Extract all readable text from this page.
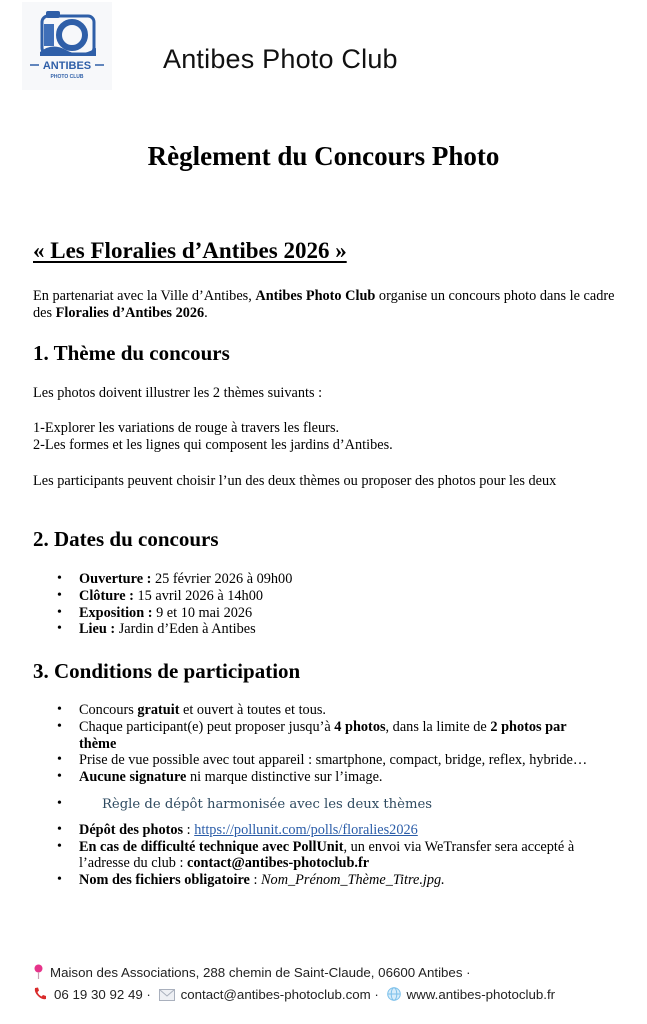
ANTIBES
PHOTO CLUB
Antibes Photo Club
Règlement du Concours Photo
« Les Floralies d’Antibes 2026 »
En partenariat avec la Ville d’Antibes, Antibes Photo Club organise un concours photo dans le cadre des Floralies d’Antibes 2026.
1. Thème du concours
Les photos doivent illustrer les 2 thèmes suivants :
1-Explorer les variations de rouge à travers les fleurs.
2-Les formes et les lignes qui composent les jardins d’Antibes.
Les participants peuvent choisir l’un des deux thèmes ou proposer des photos pour les deux
2. Dates du concours
• Ouverture : 25 février 2026 à 09h00
• Clôture : 15 avril 2026 à 14h00
• Exposition : 9 et 10 mai 2026
• Lieu : Jardin d’Eden à Antibes
3. Conditions de participation
• Concours gratuit et ouvert à toutes et tous.
• Chaque participant(e) peut proposer jusqu’à 4 photos, dans la limite de 2 photos par thème
• Prise de vue possible avec tout appareil : smartphone, compact, bridge, reflex, hybride…
• Aucune signature ni marque distinctive sur l’image.
•	Règle de dépôt harmonisée avec les deux thèmes
• Dépôt des photos : https://pollunit.com/polls/floralies2026
• En cas de difficulté technique avec PollUnit, un envoi via WeTransfer sera accepté à l’adresse du club : contact@antibes-photoclub.fr
• Nom des fichiers obligatoire : Nom_Prénom_Thème_Titre.jpg.
Maison des Associations, 288 chemin de Saint-Claude, 06600 Antibes ·
06 19 30 92 49 · contact@antibes-photoclub.com · www.antibes-photoclub.fr
